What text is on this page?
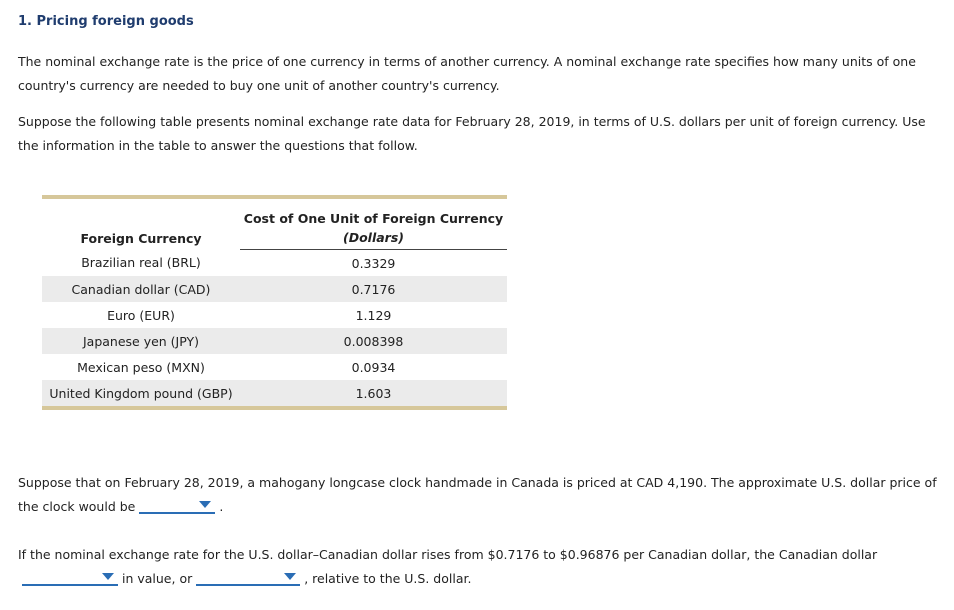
1. Pricing foreign goods
The nominal exchange rate is the price of one currency in terms of another currency. A nominal exchange rate specifies how many units of one country's currency are needed to buy one unit of another country's currency.
Suppose the following table presents nominal exchange rate data for February 28, 2019, in terms of U.S. dollars per unit of foreign currency. Use the information in the table to answer the questions that follow.
Foreign Currency	Cost of One Unit of Foreign Currency
	(Dollars)
Brazilian real (BRL)	0.3329
Canadian dollar (CAD)	0.7176
Euro (EUR)	1.129
Japanese yen (JPY)	0.008398
Mexican peso (MXN)	0.0934
United Kingdom pound (GBP)	1.603
Suppose that on February 28, 2019, a mahogany longcase clock handmade in Canada is priced at CAD 4,190. The approximate U.S. dollar price of the clock would be	.
If the nominal exchange rate for the U.S. dollar–Canadian dollar rises from $0.7176 to $0.96876 per Canadian dollar, the Canadian dollar

in value, or	, relative to the U.S. dollar.
